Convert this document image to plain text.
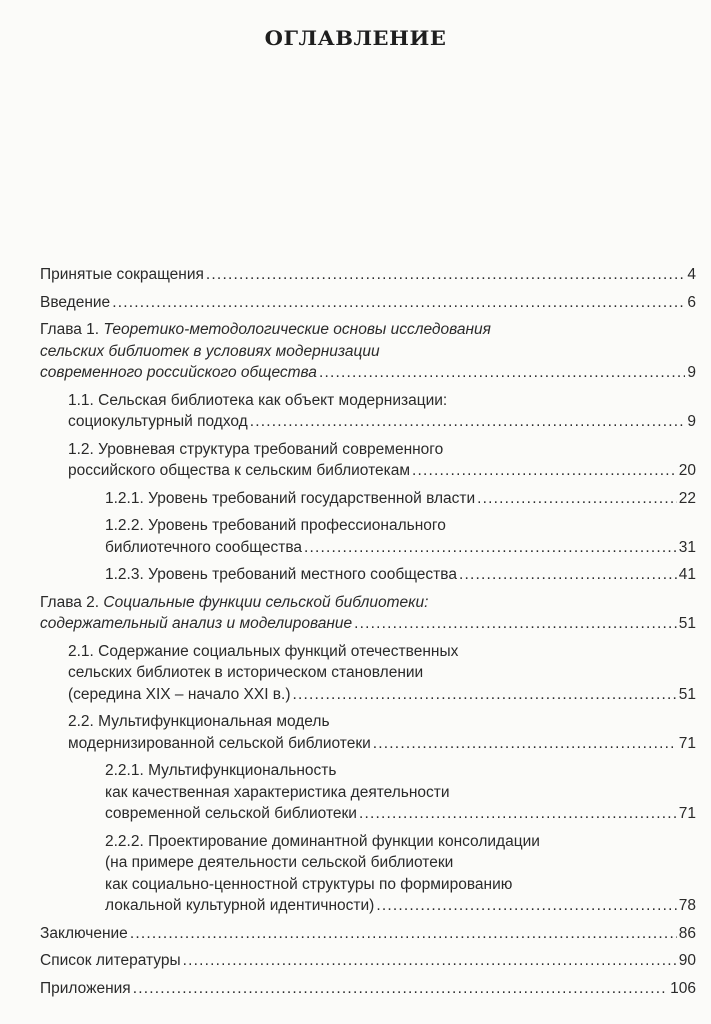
ОГЛАВЛЕНИЕ
Принятые сокращения .....	4
Введение .....	6
Глава 1. Теоретико-методологические основы исследования
сельских библиотек в условиях модернизации
современного российского общества .....	9
1.1. Сельская библиотека как объект модернизации:
социокультурный подход .....	9
1.2. Уровневая структура требований современного
российского общества к сельским библиотекам .....	20
1.2.1. Уровень требований государственной власти .....	22
1.2.2. Уровень требований профессионального
библиотечного сообщества .....	31
1.2.3. Уровень требований местного сообщества .....	41
Глава 2. Социальные функции сельской библиотеки:
содержательный анализ и моделирование .....	51
2.1. Содержание социальных функций отечественных
сельских библиотек в историческом становлении
(середина XIX – начало XXI в.) .....	51
2.2. Мультифункциональная модель
модернизированной сельской библиотеки .....	71
2.2.1. Мультифункциональность
как качественная характеристика деятельности
современной сельской библиотеки .....	71
2.2.2. Проектирование доминантной функции консолидации
(на примере деятельности сельской библиотеки
как социально-ценностной структуры по формированию
локальной культурной идентичности) .....	78
Заключение .....	86
Список литературы .....	90
Приложения .....	106
